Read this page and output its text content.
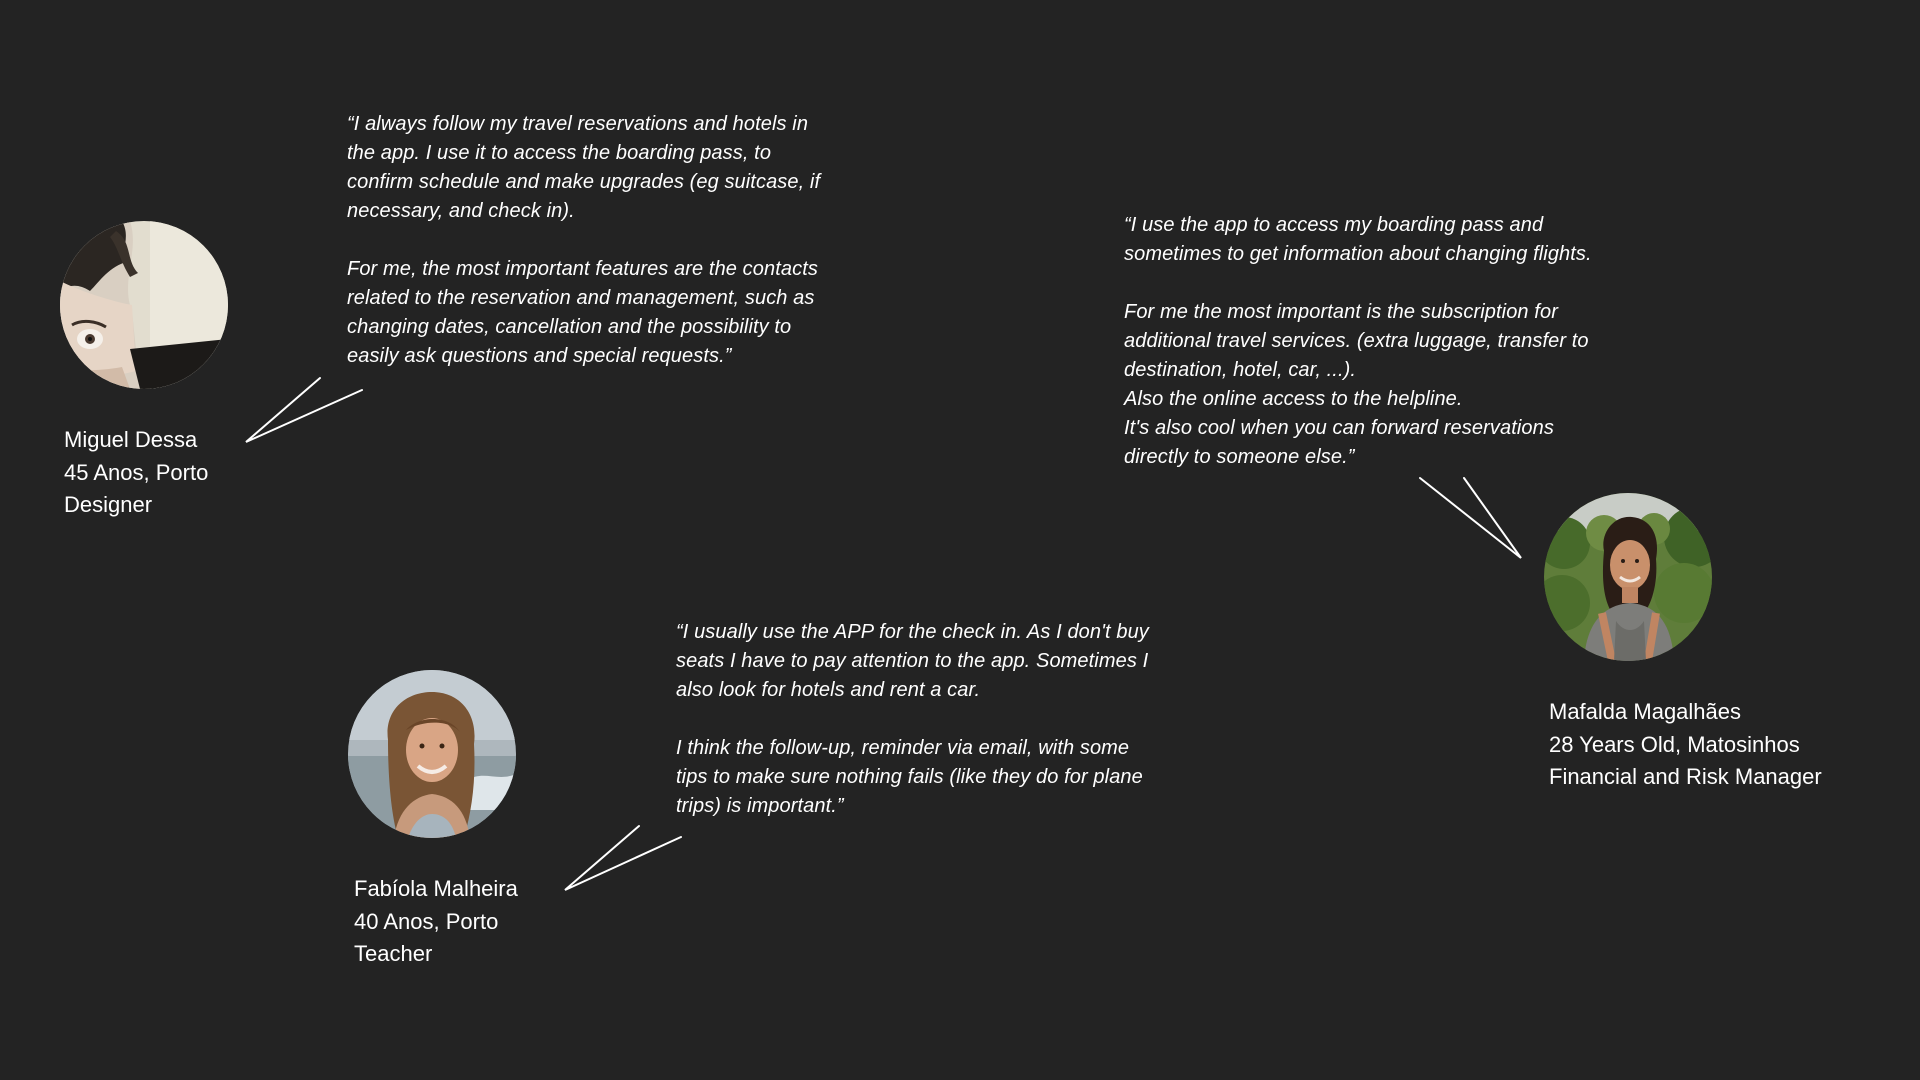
“I always follow my travel reservations and hotels in
the app. I use it to access the boarding pass, to
confirm schedule and make upgrades (eg suitcase, if
necessary, and check in).

For me, the most important features are the contacts
related to the reservation and management, such as
changing dates, cancellation and the possibility to
easily ask questions and special requests.”

Miguel Dessa
45 Anos, Porto
Designer

“I use the app to access my boarding pass and
sometimes to get information about changing flights.

For me the most important is the subscription for
additional travel services. (extra luggage, transfer to
destination, hotel, car, ...).
Also the online access to the helpline.
It's also cool when you can forward reservations
directly to someone else.”

Mafalda Magalhães
28 Years Old, Matosinhos
Financial and Risk Manager

“I usually use the APP for the check in. As I don't buy
seats I have to pay attention to the app. Sometimes I
also look for hotels and rent a car.

I think the follow-up, reminder via email, with some
tips to make sure nothing fails (like they do for plane
trips) is important.”

Fabíola Malheira
40 Anos, Porto
Teacher
